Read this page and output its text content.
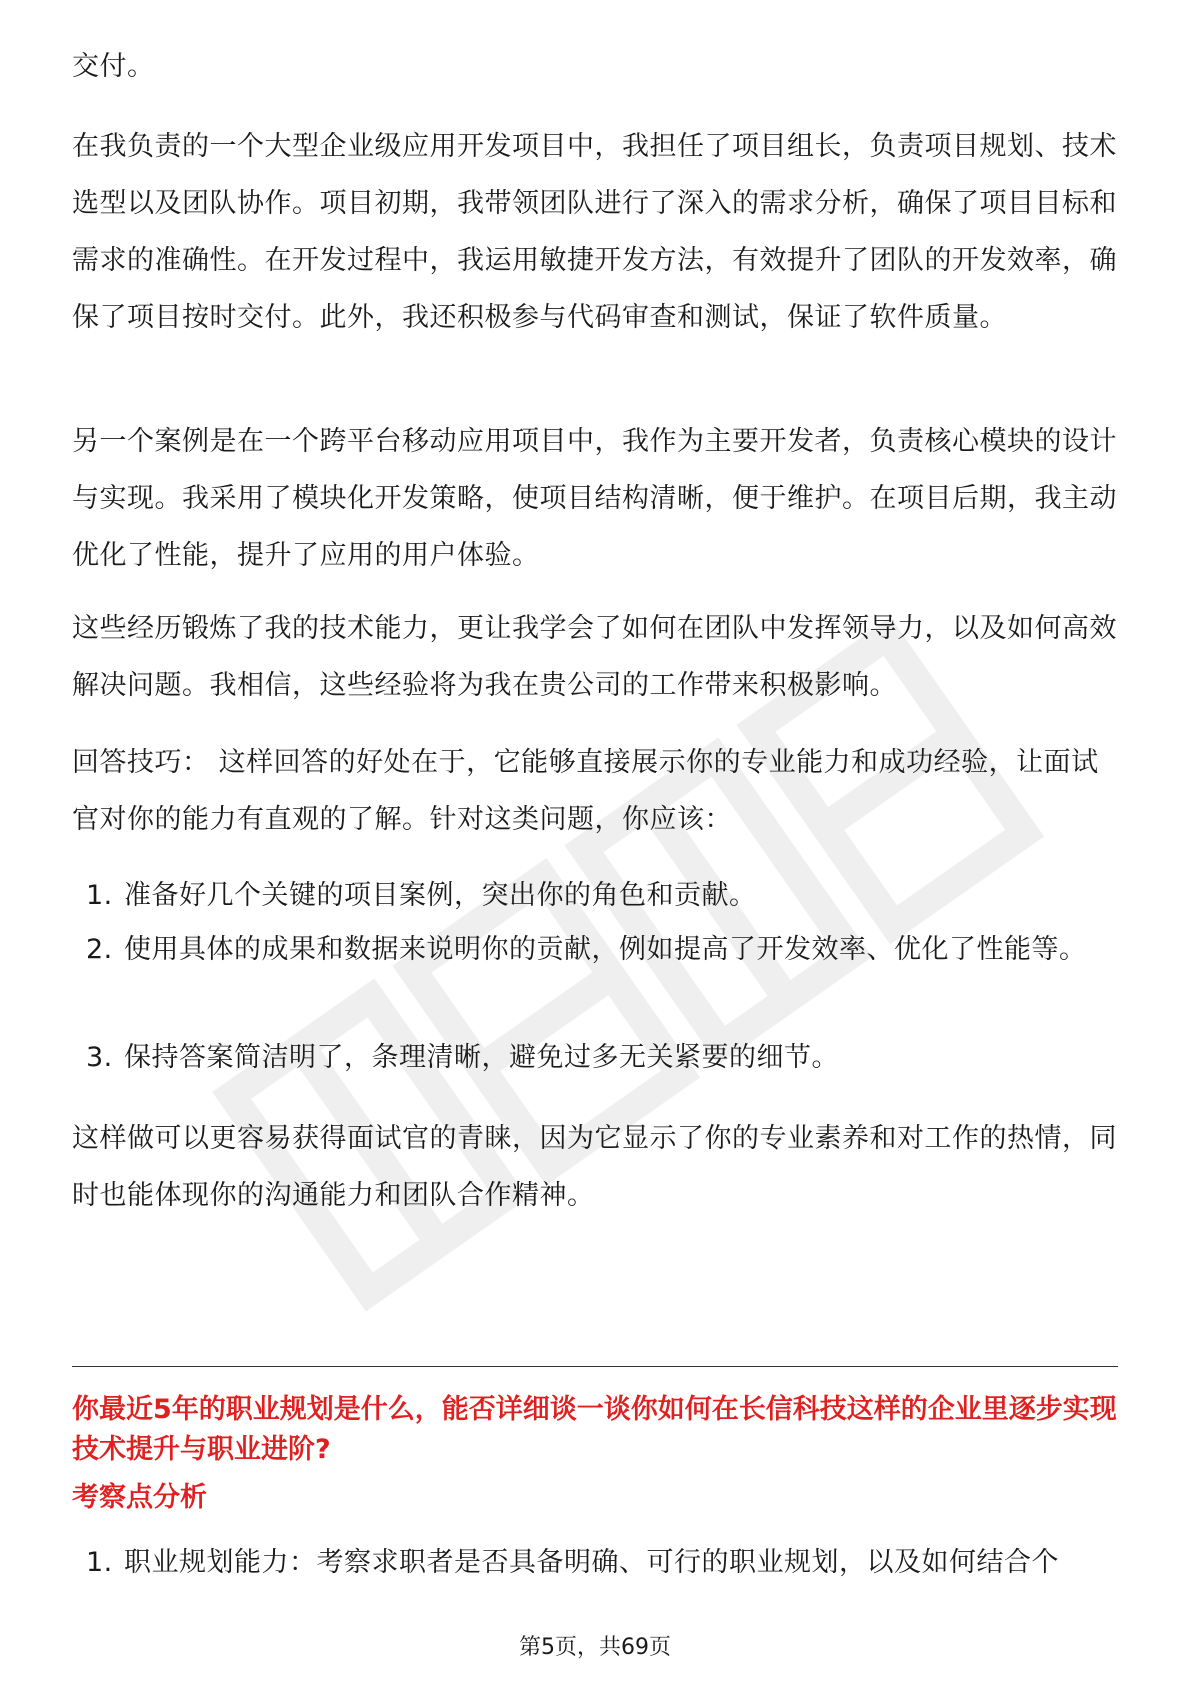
交付。

在我负责的一个大型企业级应用开发项目中，我担任了项目组长，负责项目规划、技术选型以及团队协作。项目初期，我带领团队进行了深入的需求分析，确保了项目目标和需求的准确性。在开发过程中，我运用敏捷开发方法，有效提升了团队的开发效率，确保了项目按时交付。此外，我还积极参与代码审查和测试，保证了软件质量。

另一个案例是在一个跨平台移动应用项目中，我作为主要开发者，负责核心模块的设计与实现。我采用了模块化开发策略，使项目结构清晰，便于维护。在项目后期，我主动优化了性能，提升了应用的用户体验。

这些经历锻炼了我的技术能力，更让我学会了如何在团队中发挥领导力，以及如何高效解决问题。我相信，这些经验将为我在贵公司的工作带来积极影响。

回答技巧： 这样回答的好处在于，它能够直接展示你的专业能力和成功经验，让面试官对你的能力有直观的了解。针对这类问题，你应该：

1. 准备好几个关键的项目案例，突出你的角色和贡献。
2. 使用具体的成果和数据来说明你的贡献，例如提高了开发效率、优化了性能等。
3. 保持答案简洁明了，条理清晰，避免过多无关紧要的细节。

这样做可以更容易获得面试官的青睐，因为它显示了你的专业素养和对工作的热情，同时也能体现你的沟通能力和团队合作精神。

你最近5年的职业规划是什么，能否详细谈一谈你如何在长信科技这样的企业里逐步实现技术提升与职业进阶?

考察点分析

1. 职业规划能力：考察求职者是否具备明确、可行的职业规划，以及如何结合个
第5页，共69页
